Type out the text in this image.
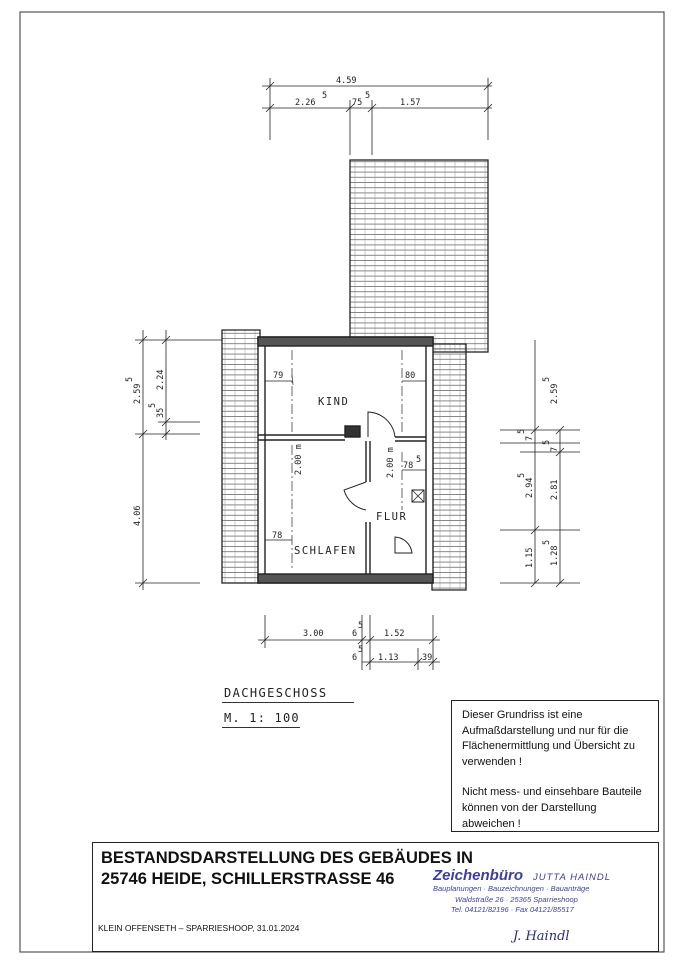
KIND
SCHLAFEN
FLUR
2.00 m	2.00 m
79	80
78
5
78
4.59
2.26
5
75
5
1.57
2.59
5 2.24
35
5
4.06
2.59
5
7
5
7
5
2.94
5
2.81
1.15 1.28
5
3.00	6
5
1.52
6
5
1.13	39
DACHGESCHOSS
M. 1: 100	Dieser Grundriss ist eine Aufmaßdarstellung und nur für die Flächenermittlung und Übersicht zu verwenden !

Nicht mess- und einsehbare Bauteile können von der Darstellung abweichen !

BESTANDSDARSTELLUNG DES GEBÄUDES IN
25746 HEIDE, SCHILLERSTRASSE 46
KLEIN OFFENSETH – SPARRIESHOOP, 31.01.2024
Zeichenbüro JUTTA HAINDL
Bauplanungen · Bauzeichnungen · Bauanträge
Waldstraße 26 · 25365 Sparrieshoop
Tel. 04121/82196 · Fax 04121/85517
J. Haindl
